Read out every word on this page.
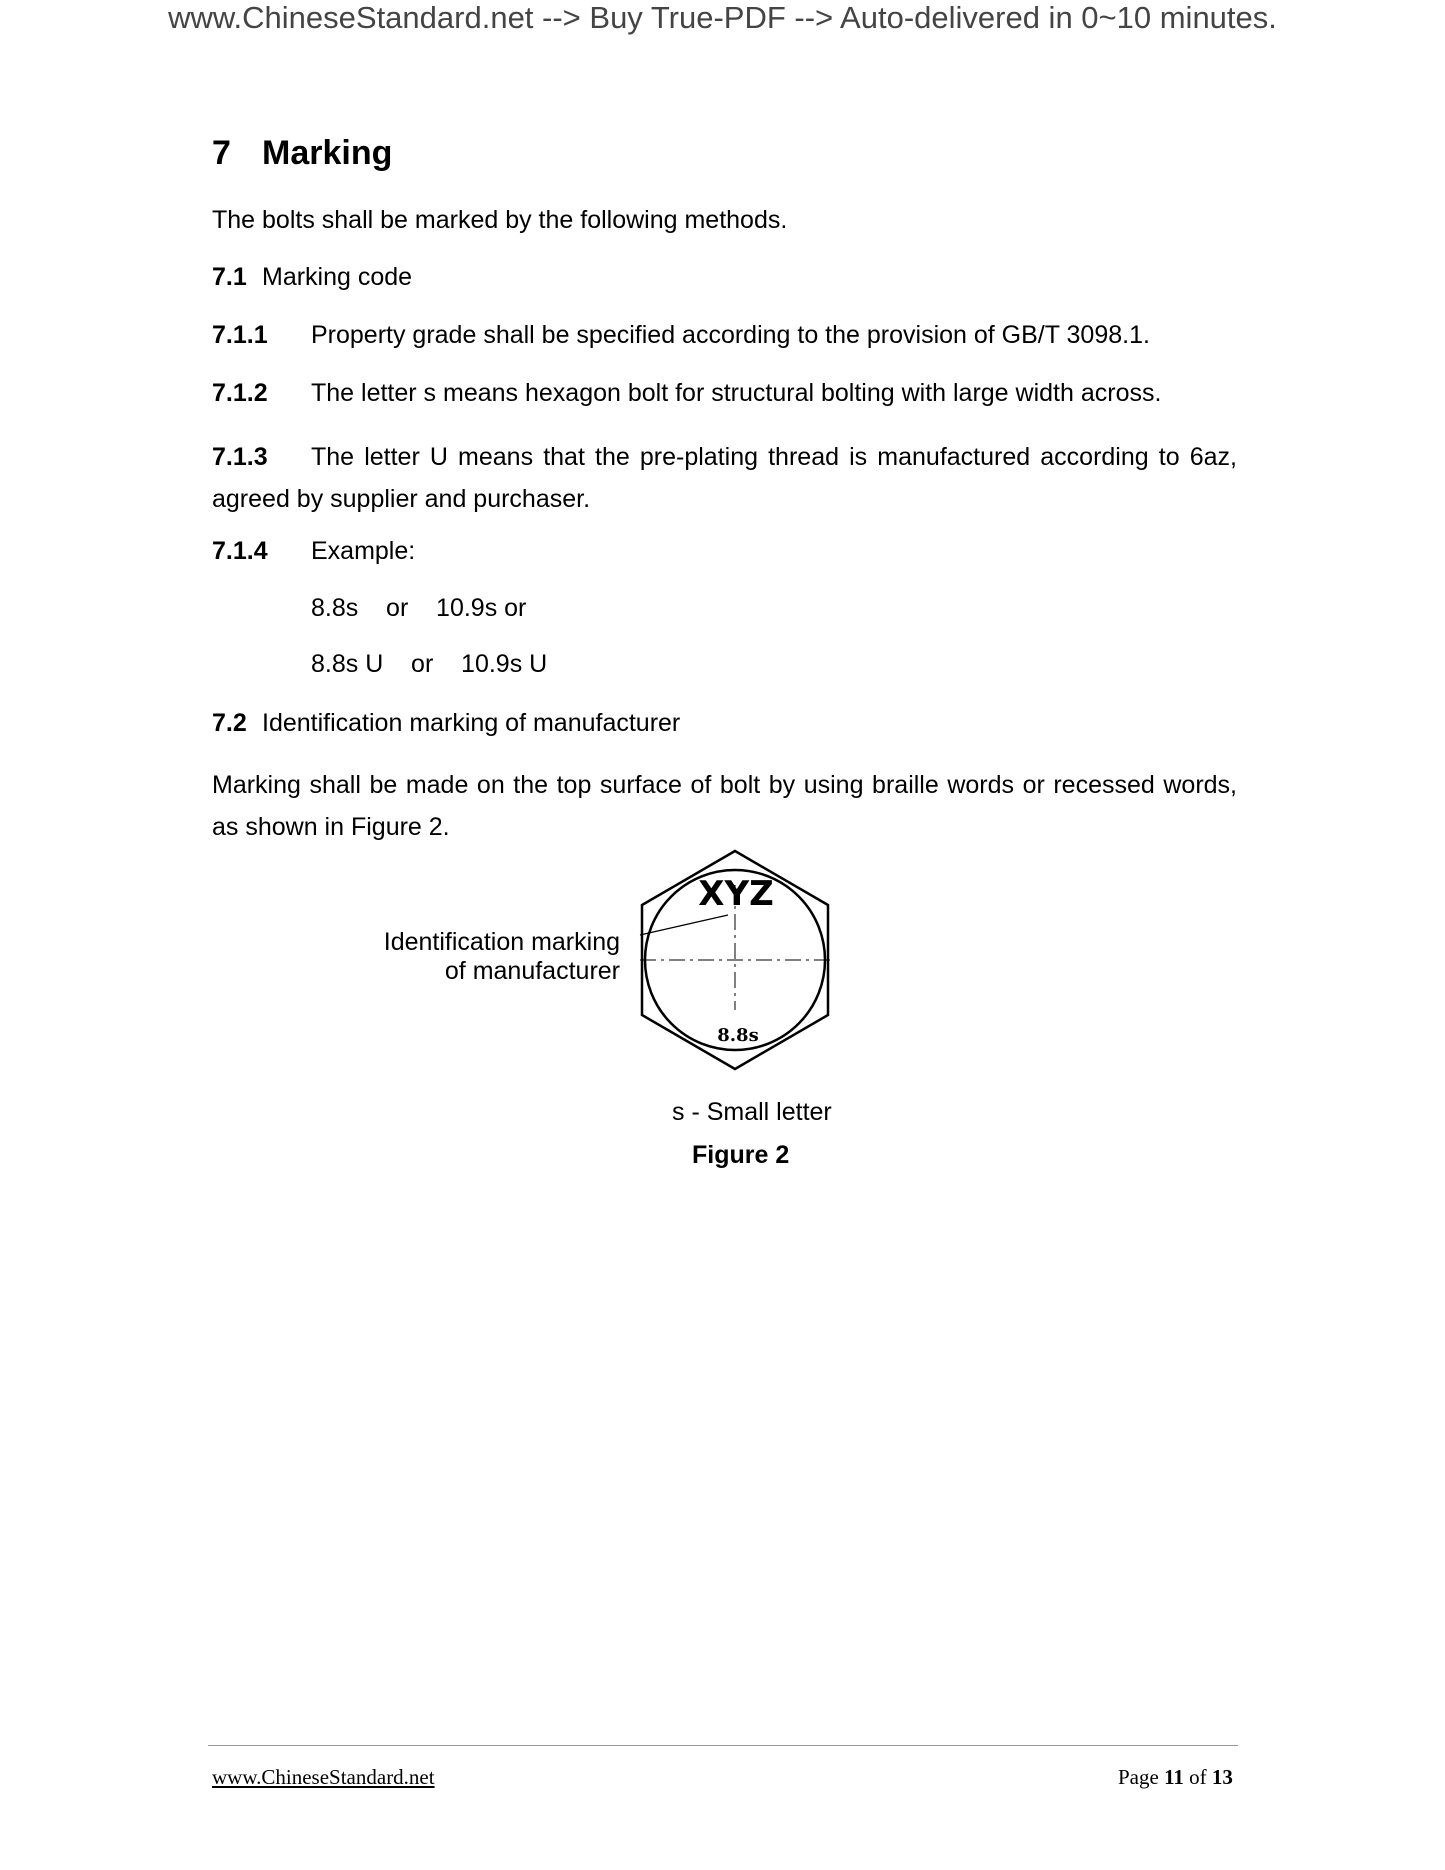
www.ChineseStandard.net --> Buy True-PDF --> Auto-delivered in 0~10 minutes.
7 Marking
The bolts shall be marked by the following methods.
7.1 Marking code
7.1.1 Property grade shall be specified according to the provision of GB/T 3098.1.
7.1.2 The letter s means hexagon bolt for structural bolting with large width across.
7.1.3 The letter U means that the pre-plating thread is manufactured according to 6az, agreed by supplier and purchaser.
7.1.4 Example:
8.8s    or    10.9s or
8.8s U    or    10.9s U
7.2 Identification marking of manufacturer
Marking shall be made on the top surface of bolt by using braille words or recessed words, as shown in Figure 2.
Identification marking
of manufacturer
XYZ
8.8s
s - Small letter
Figure 2
www.ChineseStandard.net	Page 11 of 13
